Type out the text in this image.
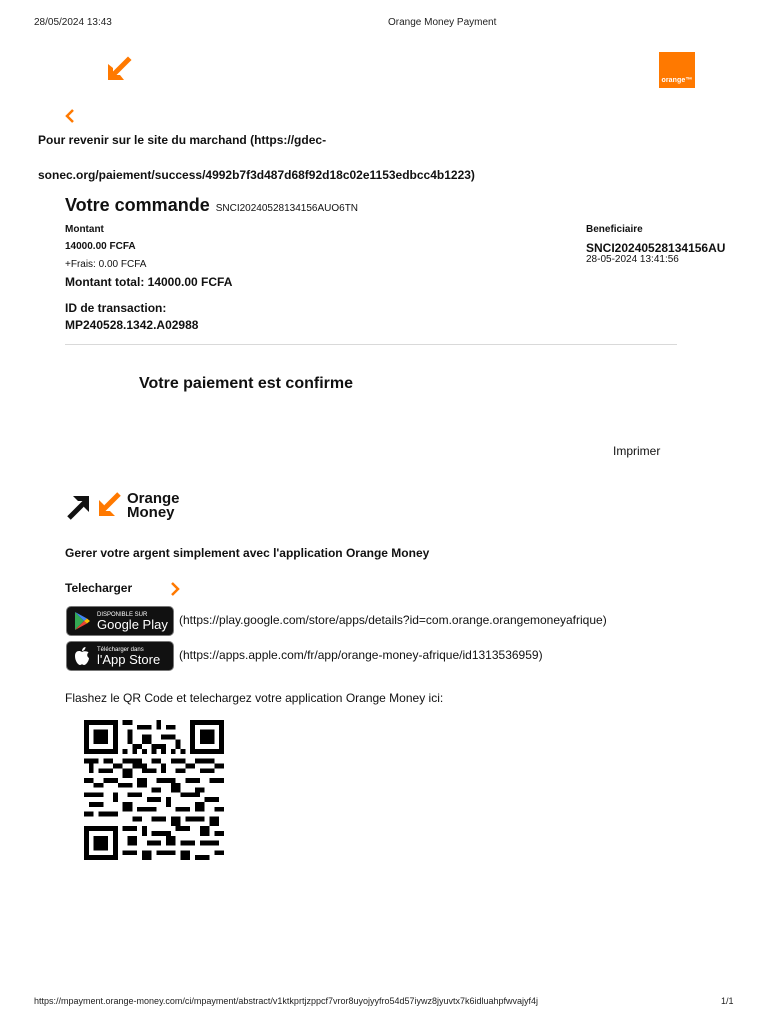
28/05/2024 13:43	Orange Money Payment
orange™
Pour revenir sur le site du marchand (https://gdec-
sonec.org/paiement/success/4992b7f3d487d68f92d18c02e1153edbcc4b1223)
Votre commande SNCI20240528134156AUO6TN
Montant
14000.00 FCFA
+Frais: 0.00 FCFA
Montant total: 14000.00 FCFA
Beneficiaire
SNCI20240528134156AU
28-05-2024 13:41:56
ID de transaction:
MP240528.1342.A02988
Votre paiement est confirme
Imprimer
Orange
Money
Gerer votre argent simplement avec l'application Orange Money
Telecharger
DISPONIBLE SUR
Google Play (https://play.google.com/store/apps/details?id=com.orange.orangemoneyafrique)
Télécharger dans
l'App Store (https://apps.apple.com/fr/app/orange-money-afrique/id1313536959)
Flashez le QR Code et telechargez votre application Orange Money ici:
https://mpayment.orange-money.com/ci/mpayment/abstract/v1ktkprtjzppcf7vror8uyojyyfro54d57iywz8jyuvtx7k6idluahpfwvajyf4j	1/1
